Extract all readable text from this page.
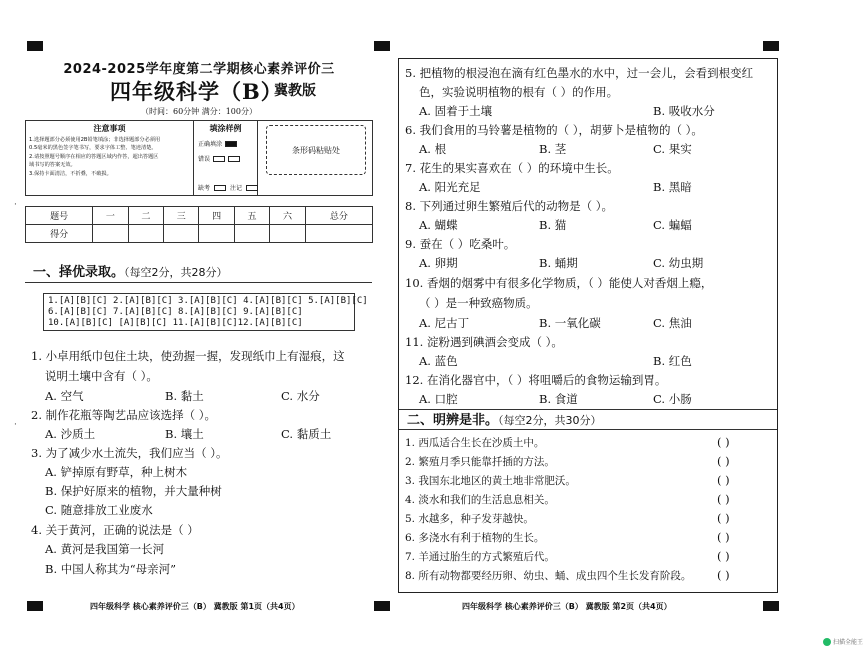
·
·
2024-2025学年度第二学期核心素养评价三
四年级科学（B）
冀教版
（时间：60分钟 满分：100分）
注意事项
1.选择题部分必须使用2B铅笔填涂；非选择题部分必须用
0.5毫米的黑色签字笔书写，要求字体工整、笔迹清楚。
2.请按照题号顺序在相应的答题区域内作答，超出答题区
域书写的答案无效。
3.保持卡面清洁，不折叠，不破损。
填涂样例
正确填涂
错误
缺考	注记
条形码粘贴处
题号	一	二	三	四	五	六	总分
得分							
一、择优录取。（每空2分，共28分）
1.[A][B][C] 2.[A][B][C] 3.[A][B][C] 4.[A][B][C] 5.[A][B][C]
6.[A][B][C] 7.[A][B][C] 8.[A][B][C] 9.[A][B][C]
10.[A][B][C] [A][B][C] 11.[A][B][C]12.[A][B][C]
1. 小卓用纸巾包住土块，使劲握一握，发现纸巾上有湿痕，这
说明土壤中含有（ ）。
A. 空气	B. 黏土	C. 水分
2. 制作花瓶等陶艺品应该选择（ ）。
A. 沙质土	B. 壤土	C. 黏质土
3. 为了减少水土流失，我们应当（ ）。
A. 铲掉原有野草，种上树木
B. 保护好原来的植物，并大量种树
C. 随意排放工业废水
4. 关于黄河，正确的说法是（ ）
A. 黄河是我国第一长河
B. 中国人称其为“母亲河”
5. 把植物的根浸泡在滴有红色墨水的水中，过一会儿，会看到根变红
色，实验说明植物的根有（ ）的作用。
A. 固着于土壤	B. 吸收水分
6. 我们食用的马铃薯是植物的（ ），胡萝卜是植物的（ ）。
A. 根	B. 茎	C. 果实
7. 花生的果实喜欢在（ ）的环境中生长。
A. 阳光充足	B. 黑暗
8. 下列通过卵生繁殖后代的动物是（ ）。
A. 蝴蝶	B. 猫	C. 蝙蝠
9. 蚕在（ ）吃桑叶。
A. 卵期	B. 蛹期	C. 幼虫期
10. 香烟的烟雾中有很多化学物质，（ ）能使人对香烟上瘾，
（ ）是一种致癌物质。
A. 尼古丁	B. 一氧化碳	C. 焦油
11. 淀粉遇到碘酒会变成（ ）。
A. 蓝色	B. 红色
12. 在消化器官中，（ ）将咀嚼后的食物运输到胃。
A. 口腔	B. 食道	C. 小肠
二、明辨是非。（每空2分，共30分）
1. 西瓜适合生长在沙质土中。	( )
2. 繁殖月季只能靠扦插的方法。	( )
3. 我国东北地区的黄土地非常肥沃。	( )
4. 淡水和我们的生活息息相关。	( )
5. 水越多，种子发芽越快。	( )
6. 多浇水有利于植物的生长。	( )
7. 羊通过胎生的方式繁殖后代。	( )
8. 所有动物都要经历卵、幼虫、蛹、成虫四个生长发育阶段。 ( )
四年级科学 核心素养评价三（B） 冀教版 第1页（共4页）	四年级科学 核心素养评价三（B） 冀教版 第2页（共4页）
扫描全能王
